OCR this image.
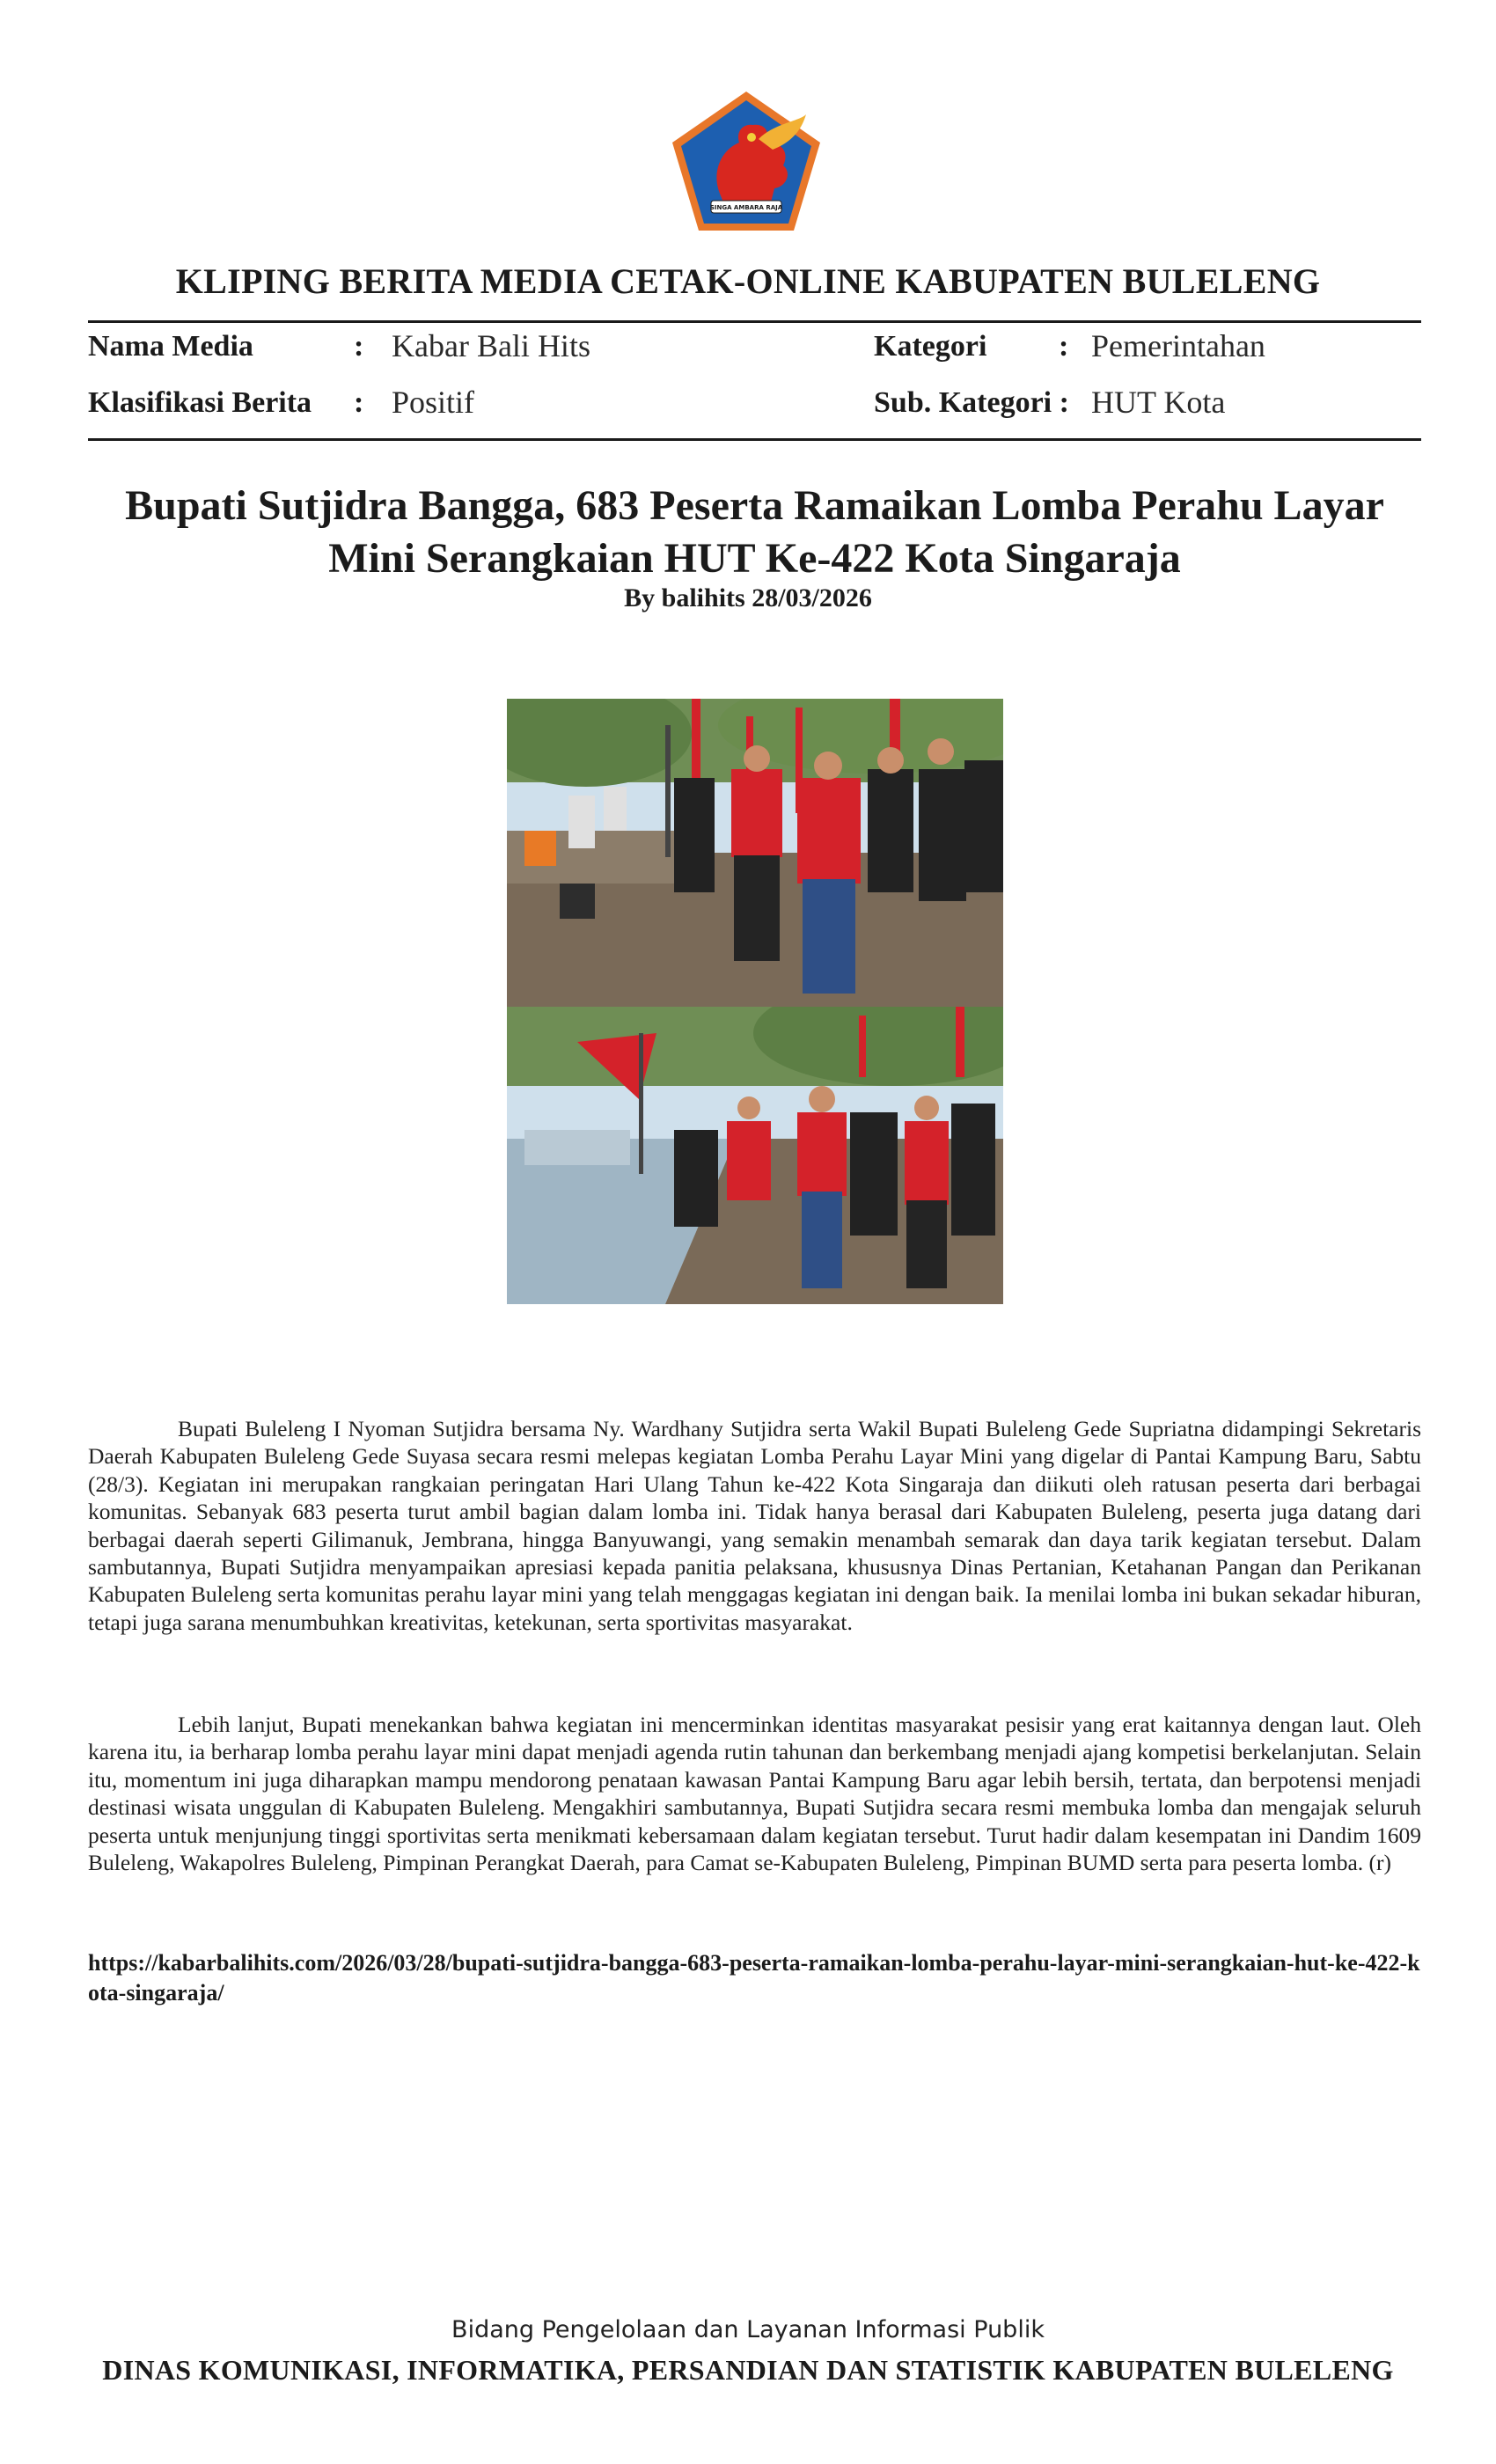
SINGA AMBARA RAJA
KLIPING BERITA MEDIA CETAK-ONLINE KABUPATEN BULELENG
Nama Media	: Kabar Bali Hits	Kategori : Pemerintahan
Klasifikasi Berita : Positif	Sub. Kategori : HUT Kota
Bupati Sutjidra Bangga, 683 Peserta Ramaikan Lomba Perahu Layar Mini Serangkaian HUT Ke-422 Kota Singaraja
By balihits 28/03/2026

Bupati Buleleng I Nyoman Sutjidra bersama Ny. Wardhany Sutjidra serta Wakil Bupati Buleleng Gede Supriatna didampingi Sekretaris Daerah Kabupaten Buleleng Gede Suyasa secara resmi melepas kegiatan Lomba Perahu Layar Mini yang digelar di Pantai Kampung Baru, Sabtu (28/3). Kegiatan ini merupakan rangkaian peringatan Hari Ulang Tahun ke-422 Kota Singaraja dan diikuti oleh ratusan peserta dari berbagai komunitas. Sebanyak 683 peserta turut ambil bagian dalam lomba ini. Tidak hanya berasal dari Kabupaten Buleleng, peserta juga datang dari berbagai daerah seperti Gilimanuk, Jembrana, hingga Banyuwangi, yang semakin menambah semarak dan daya tarik kegiatan tersebut. Dalam sambutannya, Bupati Sutjidra menyampaikan apresiasi kepada panitia pelaksana, khususnya Dinas Pertanian, Ketahanan Pangan dan Perikanan Kabupaten Buleleng serta komunitas perahu layar mini yang telah menggagas kegiatan ini dengan baik. Ia menilai lomba ini bukan sekadar hiburan, tetapi juga sarana menumbuhkan kreativitas, ketekunan, serta sportivitas masyarakat.

Lebih lanjut, Bupati menekankan bahwa kegiatan ini mencerminkan identitas masyarakat pesisir yang erat kaitannya dengan laut. Oleh karena itu, ia berharap lomba perahu layar mini dapat menjadi agenda rutin tahunan dan berkembang menjadi ajang kompetisi berkelanjutan. Selain itu, momentum ini juga diharapkan mampu mendorong penataan kawasan Pantai Kampung Baru agar lebih bersih, tertata, dan berpotensi menjadi destinasi wisata unggulan di Kabupaten Buleleng. Mengakhiri sambutannya, Bupati Sutjidra secara resmi membuka lomba dan mengajak seluruh peserta untuk menjunjung tinggi sportivitas serta menikmati kebersamaan dalam kegiatan tersebut. Turut hadir dalam kesempatan ini Dandim 1609 Buleleng, Wakapolres Buleleng, Pimpinan Perangkat Daerah, para Camat se-Kabupaten Buleleng, Pimpinan BUMD serta para peserta lomba. (r)

https://kabarbalihits.com/2026/03/28/bupati-sutjidra-bangga-683-peserta-ramaikan-lomba-perahu-layar-mini-serangkaian-hut-ke-422-kota-singaraja/
Bidang Pengelolaan dan Layanan Informasi Publik
DINAS KOMUNIKASI, INFORMATIKA, PERSANDIAN DAN STATISTIK KABUPATEN BULELENG
